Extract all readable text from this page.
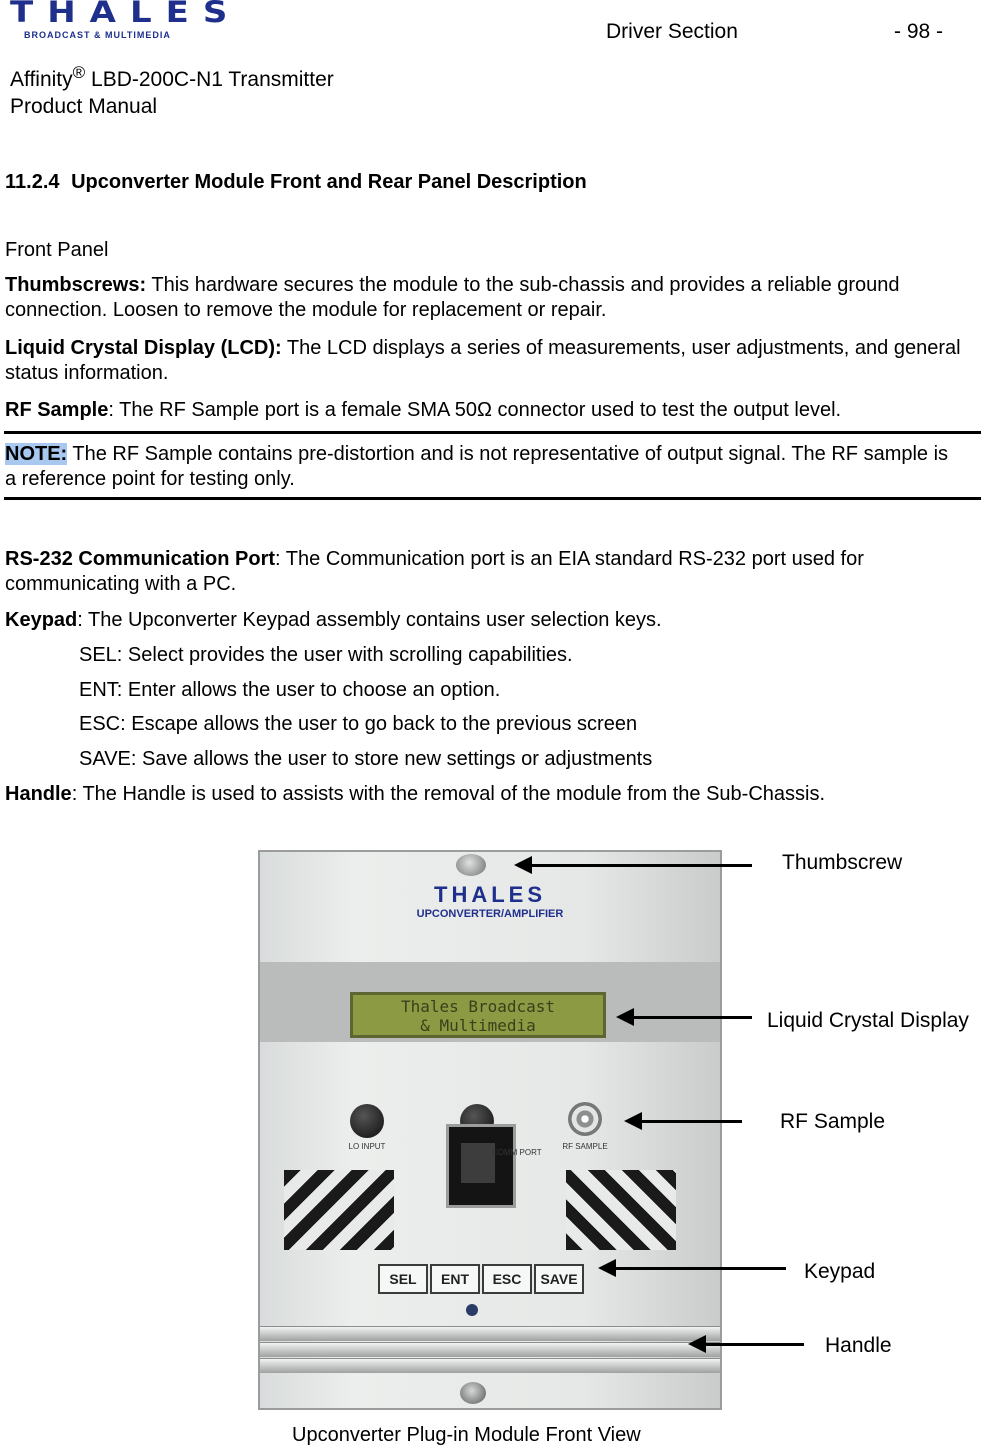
THALES
BROADCAST & MULTIMEDIA	Driver Section	- 98 -
Affinity® LBD-200C-N1 Transmitter
Product Manual
11.2.4 Upconverter Module Front and Rear Panel Description
Front Panel
Thumbscrews: This hardware secures the module to the sub-chassis and provides a reliable ground connection. Loosen to remove the module for replacement or repair.
Liquid Crystal Display (LCD): The LCD displays a series of measurements, user adjustments, and general status information.
RF Sample: The RF Sample port is a female SMA 50Ω connector used to test the output level.
NOTE: The RF Sample contains pre-distortion and is not representative of output signal. The RF sample is a reference point for testing only.
RS-232 Communication Port: The Communication port is an EIA standard RS-232 port used for communicating with a PC.
Keypad: The Upconverter Keypad assembly contains user selection keys.
SEL: Select provides the user with scrolling capabilities.
ENT: Enter allows the user to choose an option.
ESC: Escape allows the user to go back to the previous screen
SAVE: Save allows the user to store new settings or adjustments
Handle: The Handle is used to assists with the removal of the module from the Sub-Chassis.
THALES
UPCONVERTER/AMPLIFIER
Thales Broadcast
& Multimedia
LO INPUT	RF SAMPLE
COMM PORT
SEL	ENT	ESC	SAVE
Thumbscrew
Liquid Crystal Display
RF Sample
Keypad
Handle
Upconverter Plug-in Module Front View
